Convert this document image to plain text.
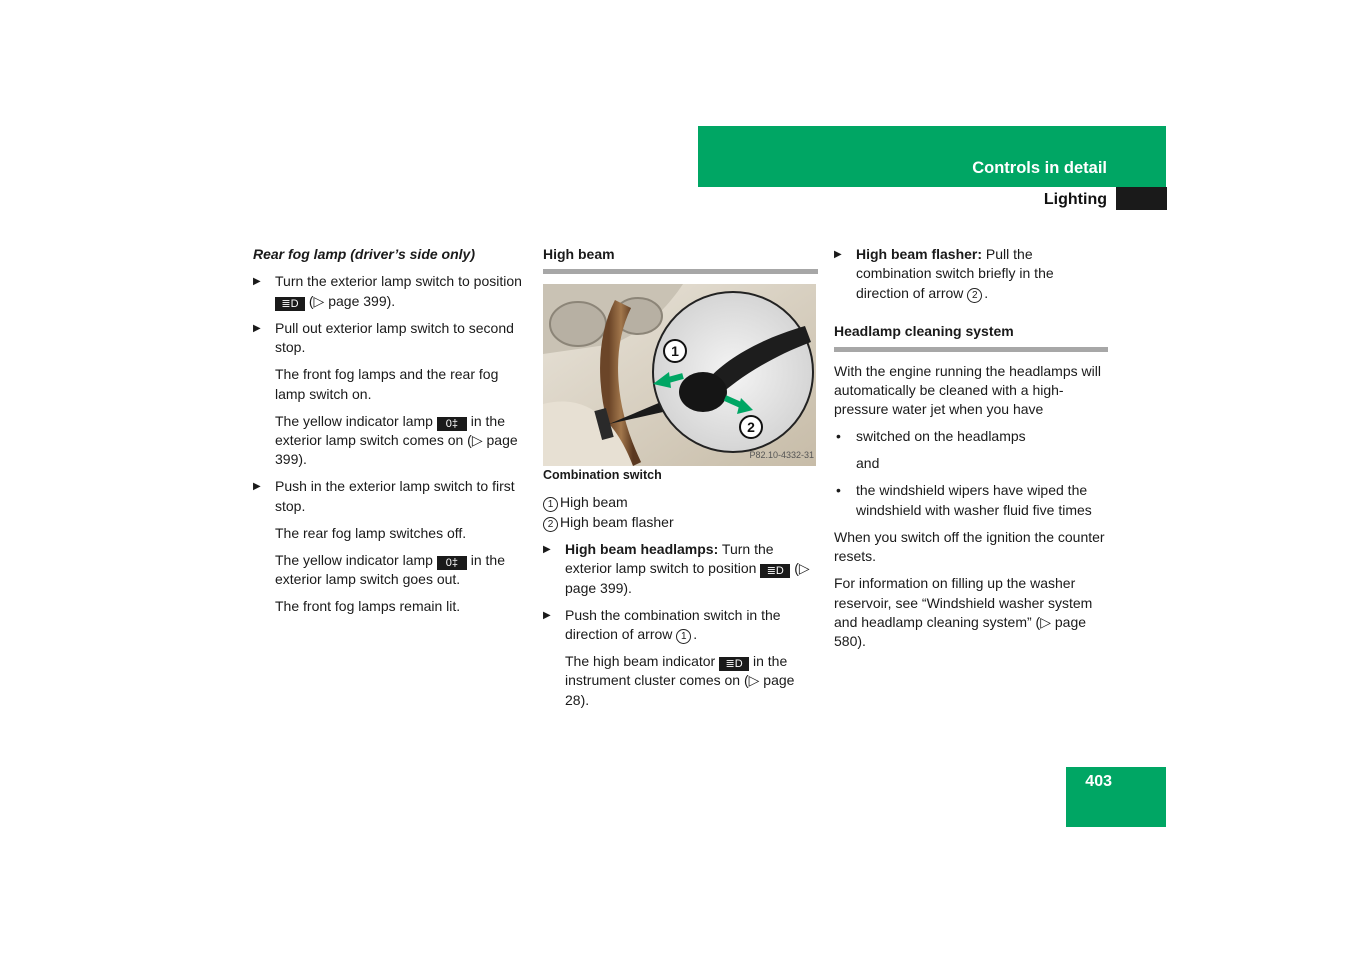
Controls in detail
Lighting

Rear fog lamp (driver’s side only)

▶ Turn the exterior lamp switch to position ≣D (▷ page 399).

▶ Pull out exterior lamp switch to second stop.

The front fog lamps and the rear fog lamp switch on.

The yellow indicator lamp 0‡ in the exterior lamp switch comes on (▷ page 399).

▶ Push in the exterior lamp switch to first stop.

The rear fog lamp switches off.

The yellow indicator lamp 0‡ in the exterior lamp switch goes out.

The front fog lamps remain lit.

High beam
1
2
P82.10-4332-31

Combination switch

1 High beam
2 High beam flasher

▶ High beam headlamps: Turn the exterior lamp switch to position ≣D (▷ page 399).

▶ Push the combination switch in the direction of arrow 1 .

The high beam indicator ≣D in the instrument cluster comes on (▷ page 28).

▶ High beam flasher: Pull the combination switch briefly in the direction of arrow 2 .

Headlamp cleaning system

With the engine running the headlamps will automatically be cleaned with a high-pressure water jet when you have

• switched on the headlamps

and

• the windshield wipers have wiped the windshield with washer fluid five times

When you switch off the ignition the counter resets.

For information on filling up the washer reservoir, see “Windshield washer system and headlamp cleaning system” (▷ page 580).

403
